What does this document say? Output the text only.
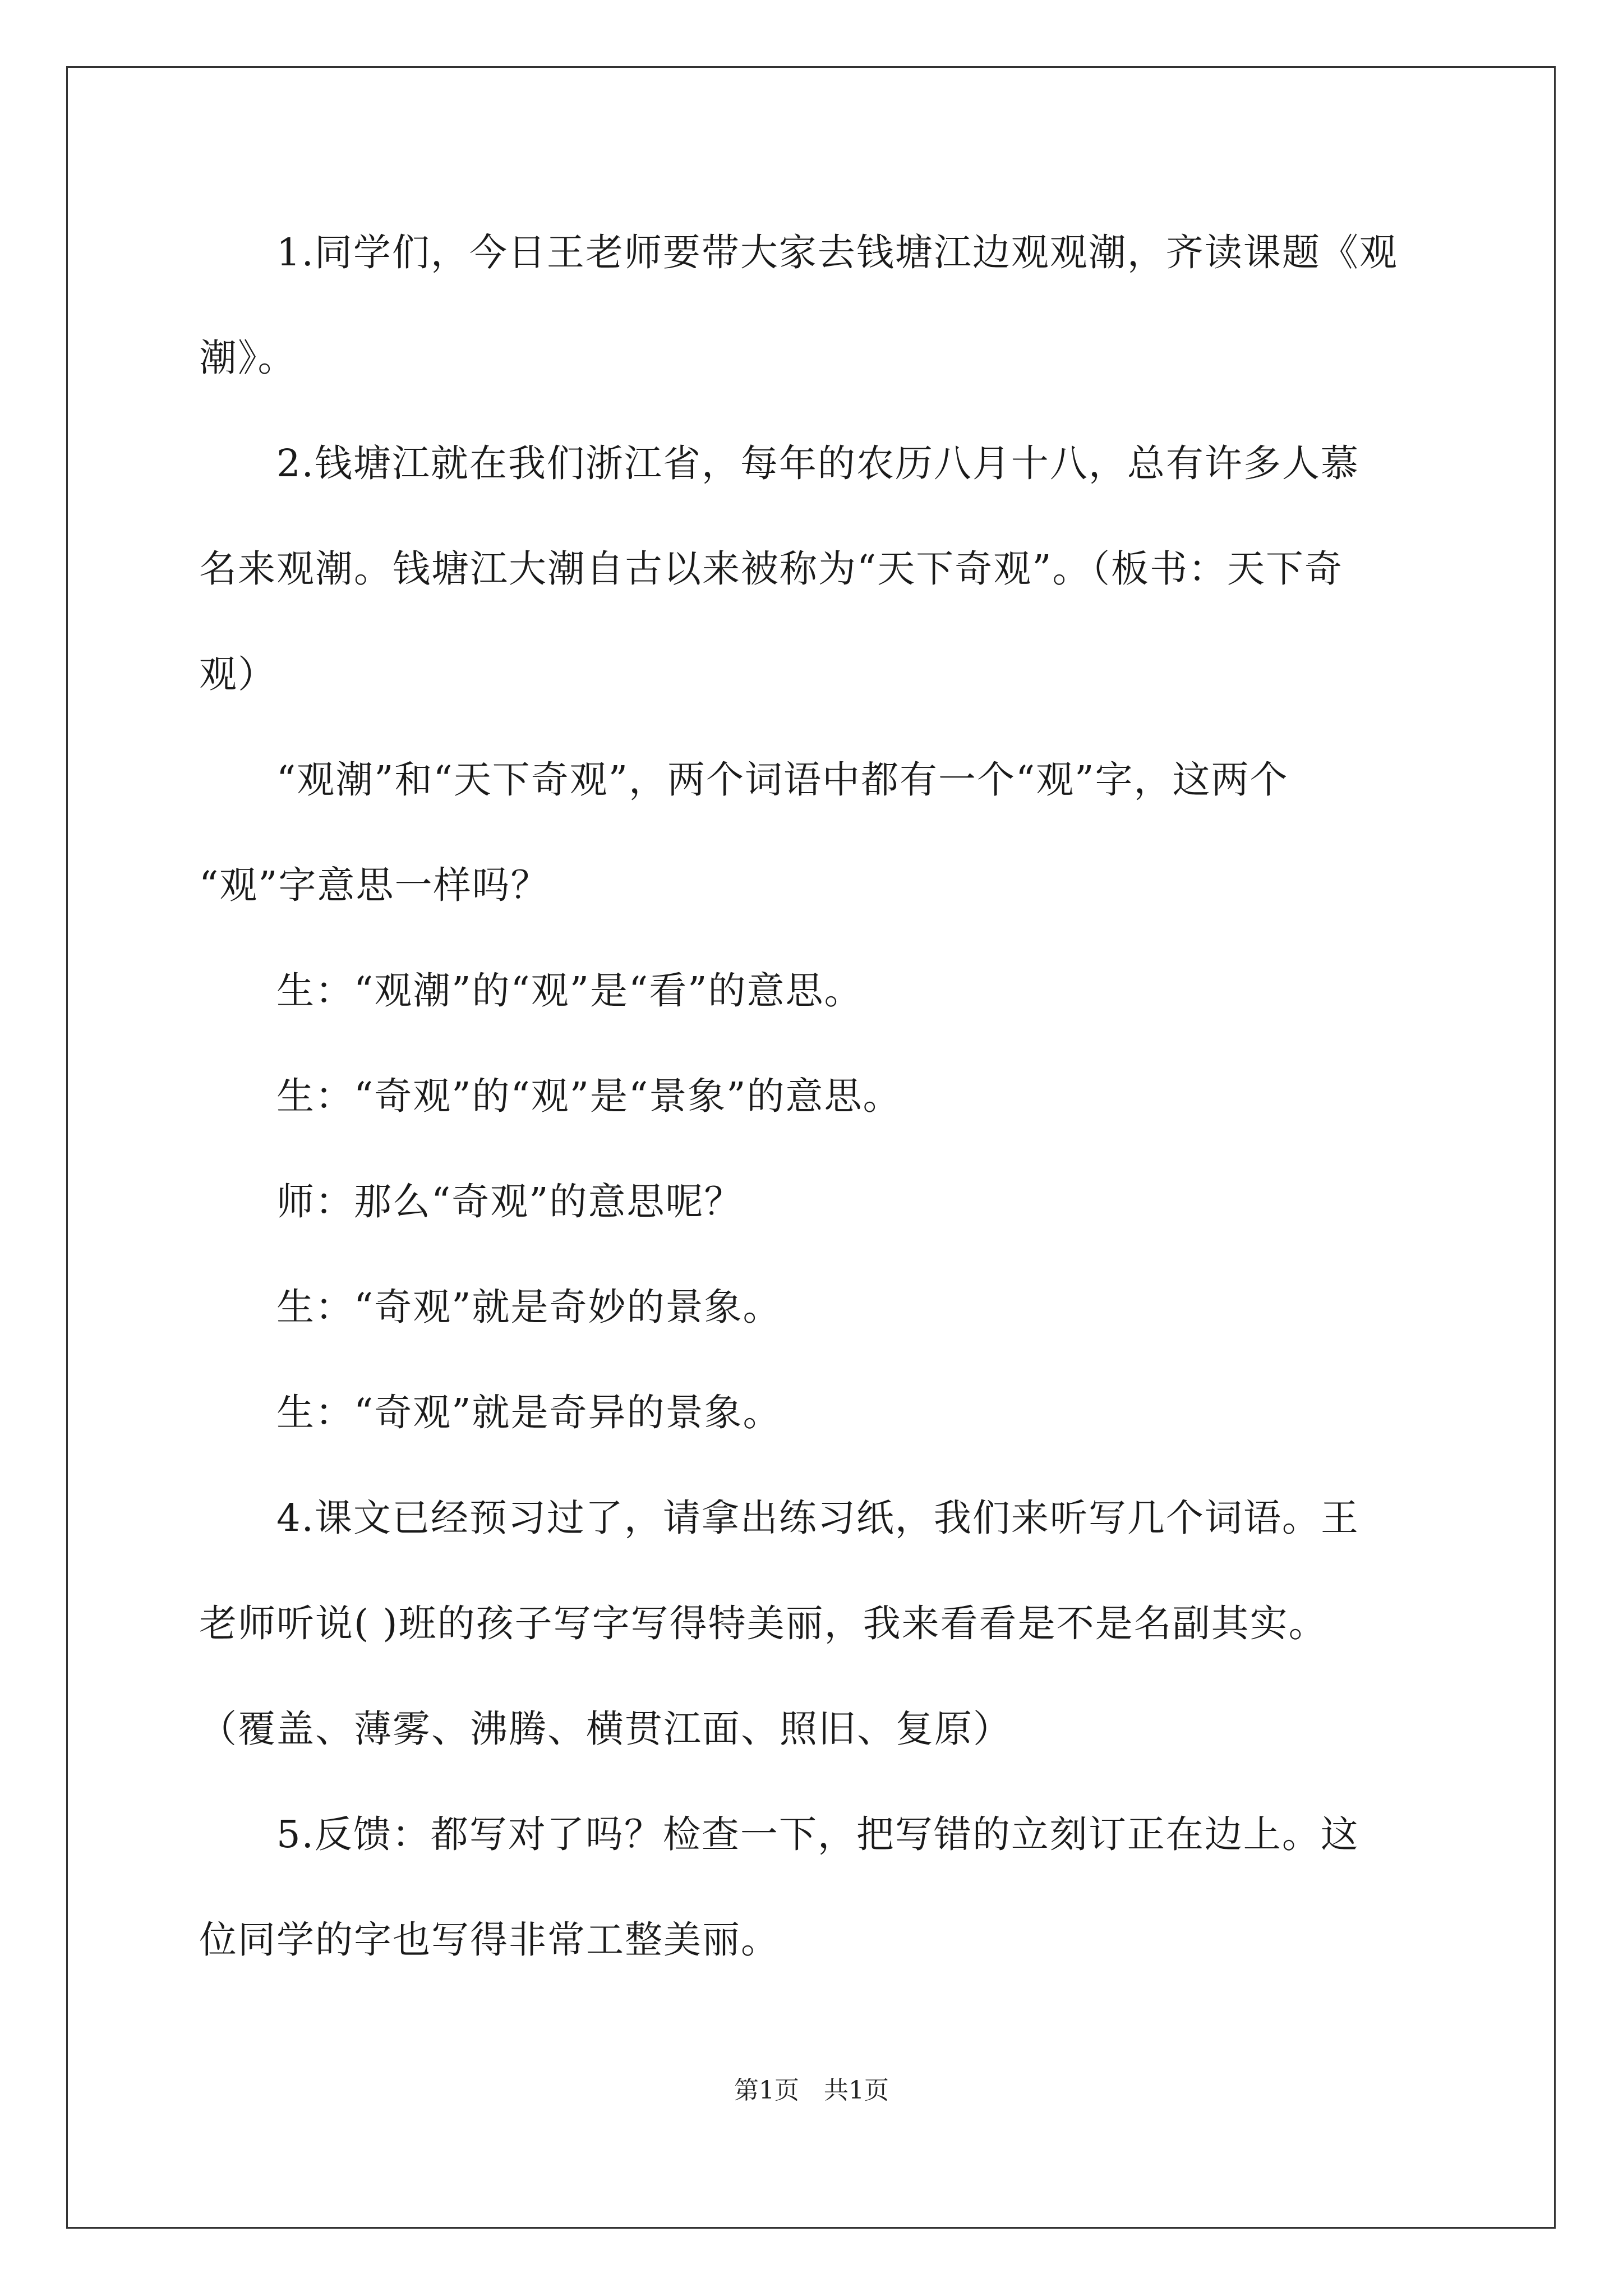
　　1.同学们，今日王老师要带大家去钱塘江边观观潮，齐读课题《观
潮》。
　　2.钱塘江就在我们浙江省，每年的农历八月十八，总有许多人慕
名来观潮。钱塘江大潮自古以来被称为“天下奇观”。（板书：天下奇
观）
　　“观潮”和“天下奇观”，两个词语中都有一个“观”字，这两个
“观”字意思一样吗？
　　生：“观潮”的“观”是“看”的意思。
　　生：“奇观”的“观”是“景象”的意思。
　　师：那么“奇观”的意思呢？
　　生：“奇观”就是奇妙的景象。
　　生：“奇观”就是奇异的景象。
　　4.课文已经预习过了，请拿出练习纸，我们来听写几个词语。王
老师听说( )班的孩子写字写得特美丽，我来看看是不是名副其实。
（覆盖、薄雾、沸腾、横贯江面、照旧、复原）
　　5.反馈：都写对了吗？检查一下，把写错的立刻订正在边上。这
位同学的字也写得非常工整美丽。
第1页　共1页
